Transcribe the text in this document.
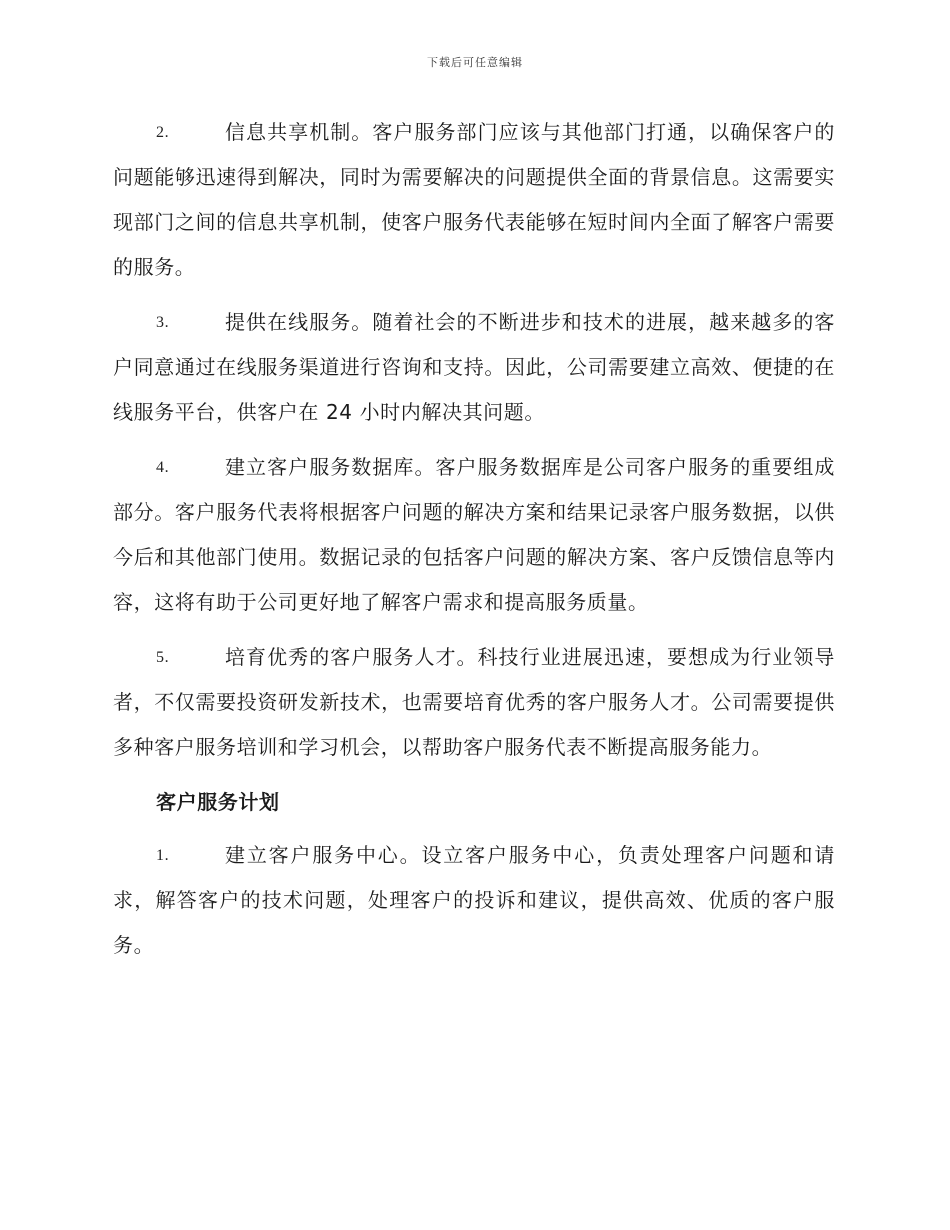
下载后可任意编辑

2.	信息共享机制。客户服务部门应该与其他部门打通，以确保客户的问题能够迅速得到解决，同时为需要解决的问题提供全面的背景信息。这需要实现部门之间的信息共享机制，使客户服务代表能够在短时间内全面了解客户需要的服务。

3.	提供在线服务。随着社会的不断进步和技术的进展，越来越多的客户同意通过在线服务渠道进行咨询和支持。因此，公司需要建立高效、便捷的在线服务平台，供客户在 24 小时内解决其问题。

4.	建立客户服务数据库。客户服务数据库是公司客户服务的重要组成部分。客户服务代表将根据客户问题的解决方案和结果记录客户服务数据，以供今后和其他部门使用。数据记录的包括客户问题的解决方案、客户反馈信息等内容，这将有助于公司更好地了解客户需求和提高服务质量。

5.	培育优秀的客户服务人才。科技行业进展迅速，要想成为行业领导者，不仅需要投资研发新技术，也需要培育优秀的客户服务人才。公司需要提供多种客户服务培训和学习机会，以帮助客户服务代表不断提高服务能力。

客户服务计划

1.	建立客户服务中心。设立客户服务中心，负责处理客户问题和请求，解答客户的技术问题，处理客户的投诉和建议，提供高效、优质的客户服务。
